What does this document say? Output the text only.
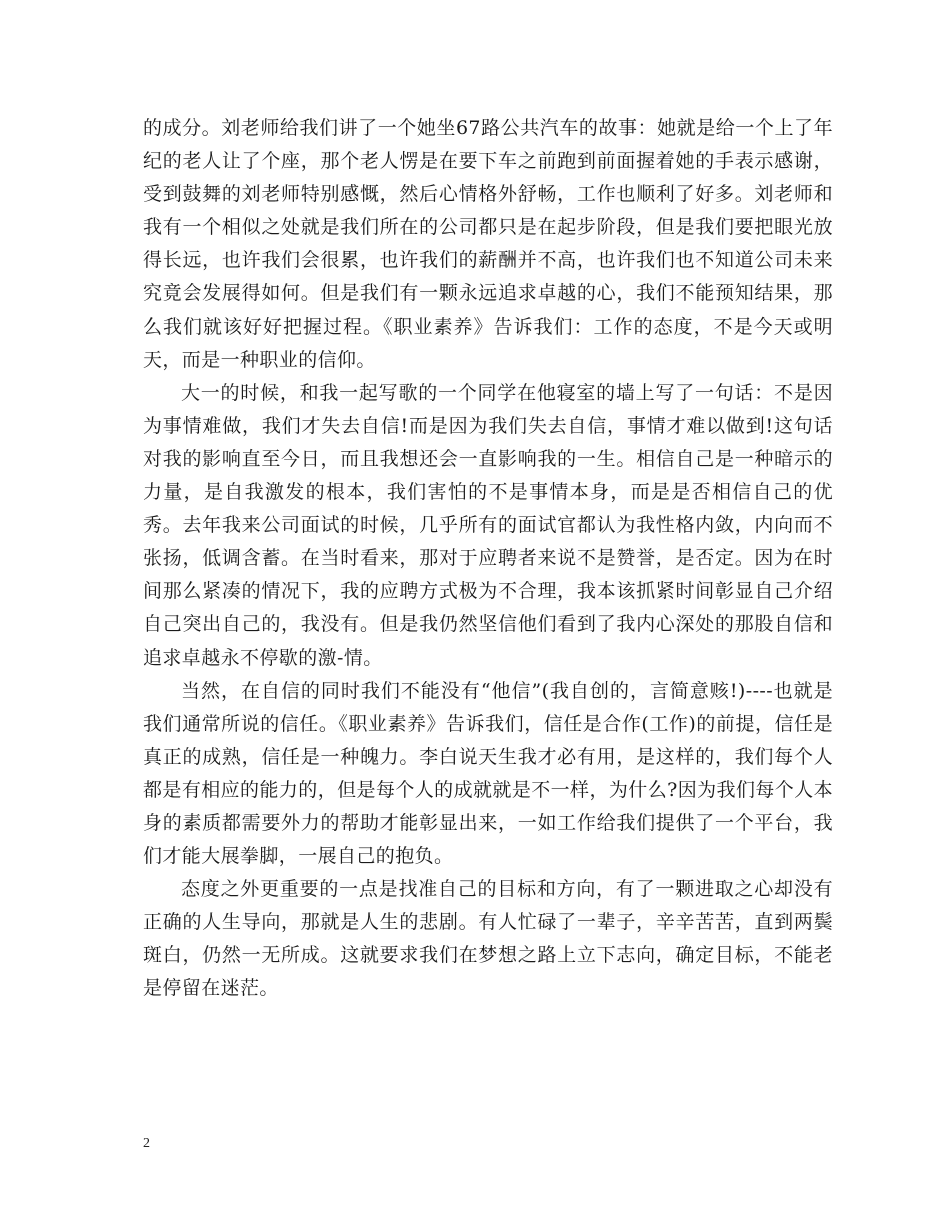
的成分。刘老师给我们讲了一个她坐67路公共汽车的故事：她就是给一个上了年纪的老人让了个座，那个老人愣是在要下车之前跑到前面握着她的手表示感谢，受到鼓舞的刘老师特别感慨，然后心情格外舒畅，工作也顺利了好多。刘老师和我有一个相似之处就是我们所在的公司都只是在起步阶段，但是我们要把眼光放得长远，也许我们会很累，也许我们的薪酬并不高，也许我们也不知道公司未来究竟会发展得如何。但是我们有一颗永远追求卓越的心，我们不能预知结果，那么我们就该好好把握过程。《职业素养》告诉我们：工作的态度，不是今天或明天，而是一种职业的信仰。

大一的时候，和我一起写歌的一个同学在他寝室的墙上写了一句话：不是因为事情难做，我们才失去自信!而是因为我们失去自信，事情才难以做到!这句话对我的影响直至今日，而且我想还会一直影响我的一生。相信自己是一种暗示的力量，是自我激发的根本，我们害怕的不是事情本身，而是是否相信自己的优秀。去年我来公司面试的时候，几乎所有的面试官都认为我性格内敛，内向而不张扬，低调含蓄。在当时看来，那对于应聘者来说不是赞誉，是否定。因为在时间那么紧凑的情况下，我的应聘方式极为不合理，我本该抓紧时间彰显自己介绍自己突出自己的，我没有。但是我仍然坚信他们看到了我内心深处的那股自信和追求卓越永不停歇的激-情。

当然，在自信的同时我们不能没有“他信”(我自创的，言简意赅!)----也就是我们通常所说的信任。《职业素养》告诉我们，信任是合作(工作)的前提，信任是真正的成熟，信任是一种魄力。李白说天生我才必有用，是这样的，我们每个人都是有相应的能力的，但是每个人的成就就是不一样，为什么?因为我们每个人本身的素质都需要外力的帮助才能彰显出来，一如工作给我们提供了一个平台，我们才能大展拳脚，一展自己的抱负。

态度之外更重要的一点是找准自己的目标和方向，有了一颗进取之心却没有正确的人生导向，那就是人生的悲剧。有人忙碌了一辈子，辛辛苦苦，直到两鬓斑白，仍然一无所成。这就要求我们在梦想之路上立下志向，确定目标，不能老是停留在迷茫。

2
